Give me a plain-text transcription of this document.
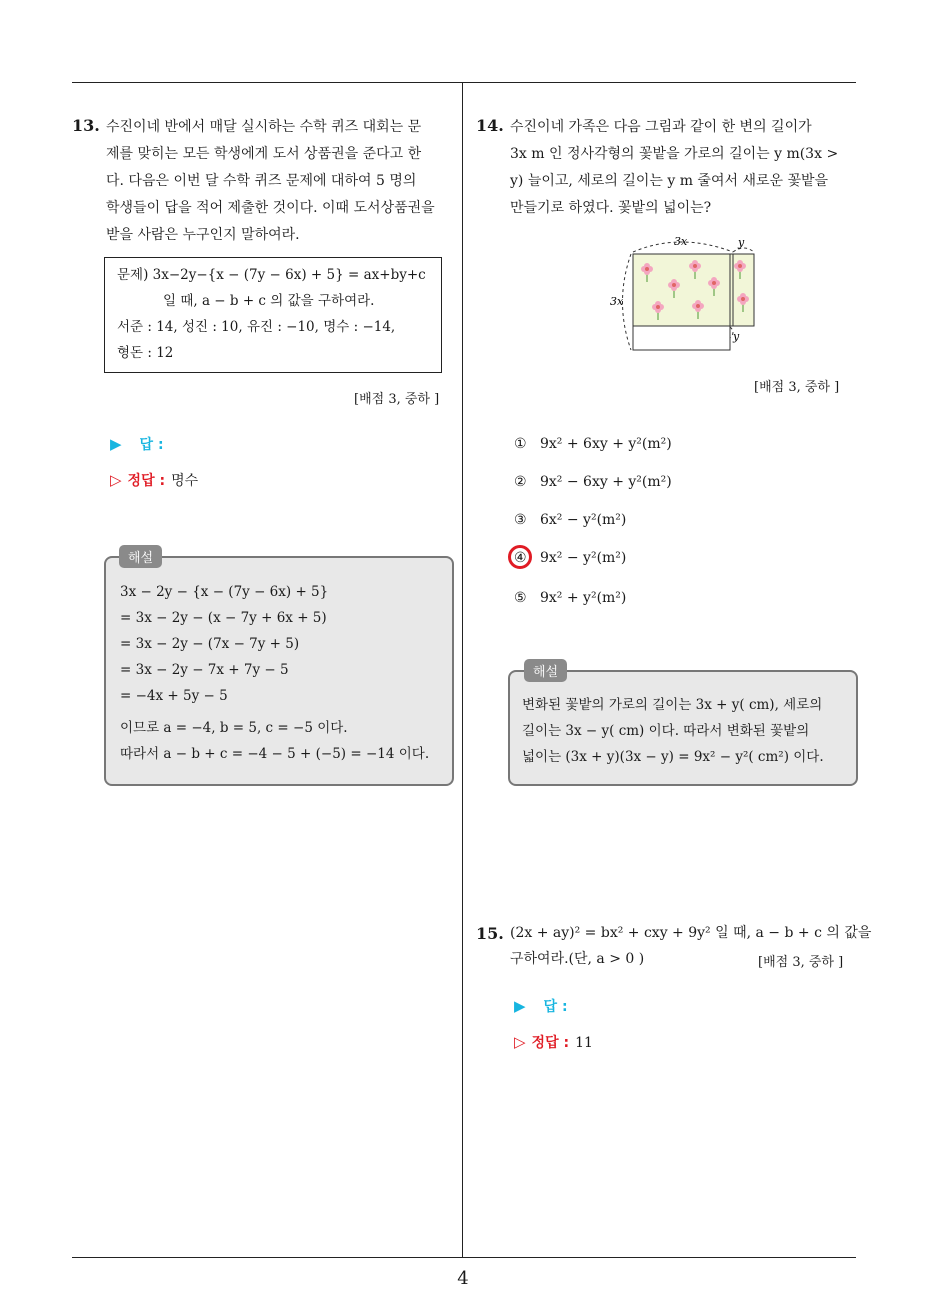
13. 수진이네 반에서 매달 실시하는 수학 퀴즈 대회는 문
제를 맞히는 모든 학생에게 도서 상품권을 준다고 한
다. 다음은 이번 달 수학 퀴즈 문제에 대하여 5 명의
학생들이 답을 적어 제출한 것이다. 이때 도서상품권을
받을 사람은 누구인지 말하여라.
문제) 3x−2y−{x − (7y − 6x) + 5} = ax+by+c
일 때, a − b + c 의 값을 구하여라.
서준 : 14, 성진 : 10, 유진 : −10, 명수 : −14,
형돈 : 12
[배점 3, 중하 ]
▶ 답 :
▷ 정답 : 명수
해설
3x − 2y − {x − (7y − 6x) + 5}
= 3x − 2y − (x − 7y + 6x + 5)
= 3x − 2y − (7x − 7y + 5)
= 3x − 2y − 7x + 7y − 5
= −4x + 5y − 5
이므로 a = −4, b = 5, c = −5 이다.
따라서 a − b + c = −4 − 5 + (−5) = −14 이다.
14. 수진이네 가족은 다음 그림과 같이 한 변의 길이가
3x m 인 정사각형의 꽃밭을 가로의 길이는 y m(3x >
y) 늘이고, 세로의 길이는 y m 줄여서 새로운 꽃밭을
만들기로 하였다. 꽃밭의 넓이는?
3x
3x
y
y
[배점 3, 중하 ]
① 9x² + 6xy + y²(m²)
② 9x² − 6xy + y²(m²)
③ 6x² − y²(m²)
④ 9x² − y²(m²)
⑤ 9x² + y²(m²)
해설
변화된 꽃밭의 가로의 길이는 3x + y( cm), 세로의
길이는 3x − y( cm) 이다. 따라서 변화된 꽃밭의
넓이는 (3x + y)(3x − y) = 9x² − y²( cm²) 이다.
15. (2x + ay)² = bx² + cxy + 9y² 일 때, a − b + c 의 값을
구하여라.(단, a > 0 )	[배점 3, 중하 ]
▶ 답 :
▷ 정답 : 11
4
